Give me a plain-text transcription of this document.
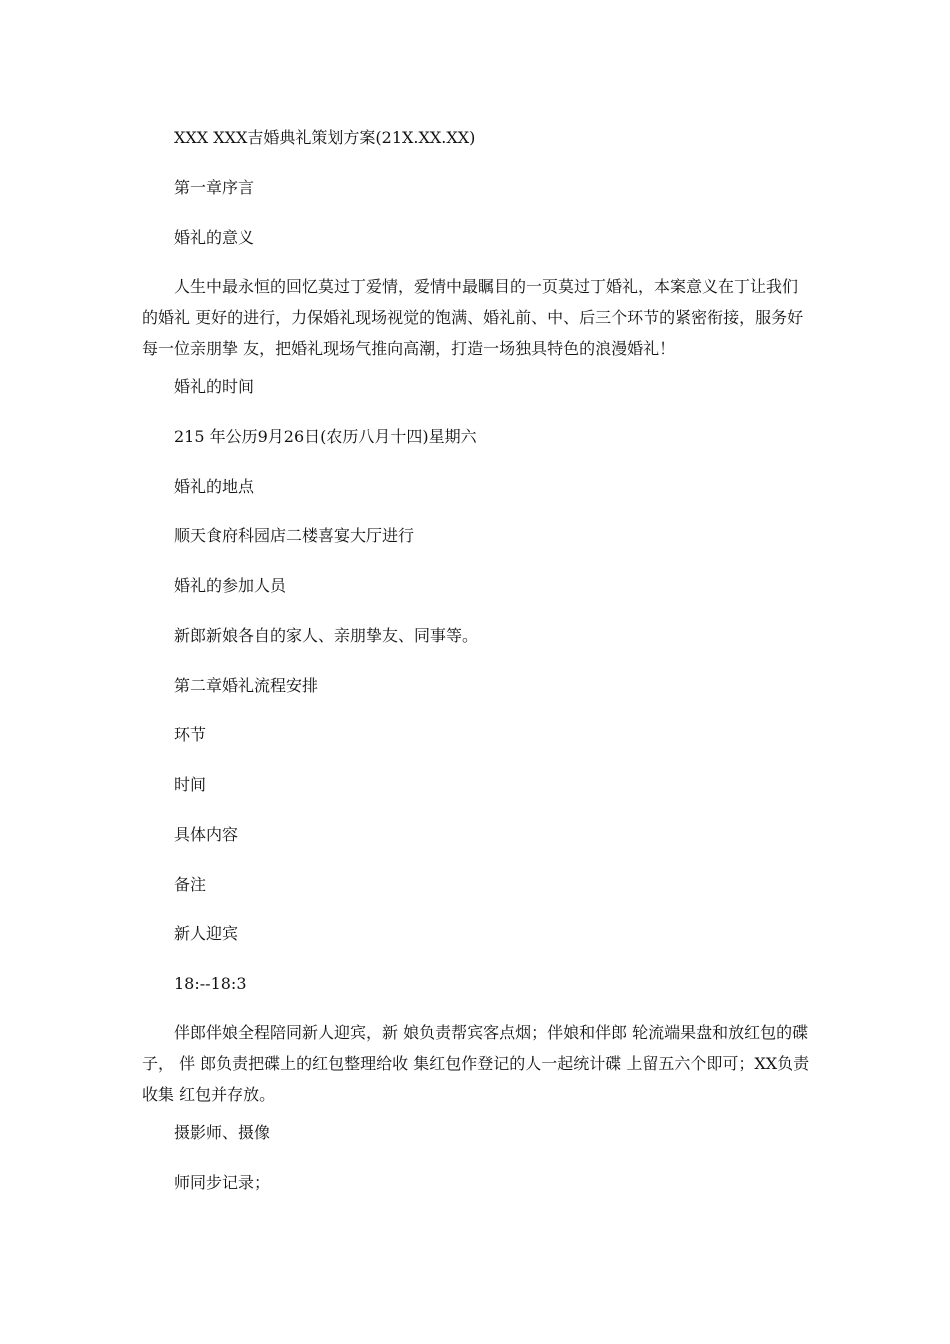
XXX XXX吉婚典礼策划方案(21X.XX.XX)
第一章序言
婚礼的意义
人生中最永恒的回忆莫过丁爱情，爱情中最瞩目的一页莫过丁婚礼，本案意义在丁让我们的婚礼 更好的进行，力保婚礼现场视觉的饱满、婚礼前、中、后三个环节的紧密衔接，服务好每一位亲朋挚 友，把婚礼现场气推向高潮，打造一场独具特色的浪漫婚礼！
婚礼的时间
215 年公历9月26日(农历八月十四)星期六
婚礼的地点
顺天食府科园店二楼喜宴大厅进行
婚礼的参加人员
新郎新娘各自的家人、亲朋挚友、同事等。
第二章婚礼流程安排
环节
时间
具体内容
备注
新人迎宾
18:--18:3
伴郎伴娘全程陪同新人迎宾，新 娘负责帮宾客点烟；伴娘和伴郎 轮流端果盘和放红包的碟子， 伴 郎负责把碟上的红包整理给收 集红包作登记的人一起统计碟 上留五六个即可；XX负责收集 红包并存放。
摄影师、摄像
师同步记录；
